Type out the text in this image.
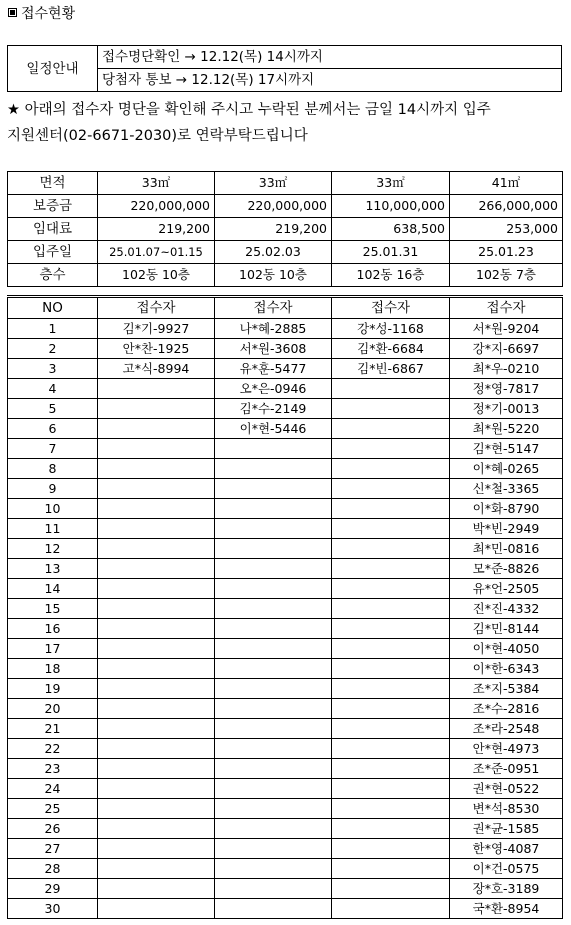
접수현황
일정안내	접수명단확인 → 12.12(목) 14시까지
당첨자 통보 → 12.12(목) 17시까지
★ 아래의 접수자 명단을 확인해 주시고 누락된 분께서는 금일 14시까지 입주
지원센터(02-6671-2030)로 연락부탁드립니다
면적	33㎡	33㎡	33㎡	41㎡
보증금	220,000,000	220,000,000	110,000,000	266,000,000
임대료	219,200	219,200	638,500	253,000
입주일	25.01.07~01.15	25.02.03	25.01.31	25.01.23
층수	102동 10층	102동 10층	102동 16층	102동 7층
NO	접수자	접수자	접수자	접수자
1	김*기-9927	나*혜-2885	강*성-1168	서*원-9204
2	안*찬-1925	서*원-3608	김*환-6684	강*지-6697
3	고*식-8994	유*훈-5477	김*빈-6867	최*우-0210
4		오*은-0946		정*영-7817
5		김*수-2149		정*기-0013
6		이*현-5446		최*원-5220
7				김*현-5147
8				이*혜-0265
9				신*철-3365
10				이*화-8790
11				박*빈-2949
12				최*민-0816
13				모*준-8826
14				유*언-2505
15				진*진-4332
16				김*민-8144
17				이*현-4050
18				이*한-6343
19				조*지-5384
20				조*수-2816
21				조*라-2548
22				안*현-4973
23				조*준-0951
24				권*현-0522
25				변*석-8530
26				권*균-1585
27				한*영-4087
28				이*건-0575
29				장*호-3189
30				국*환-8954
